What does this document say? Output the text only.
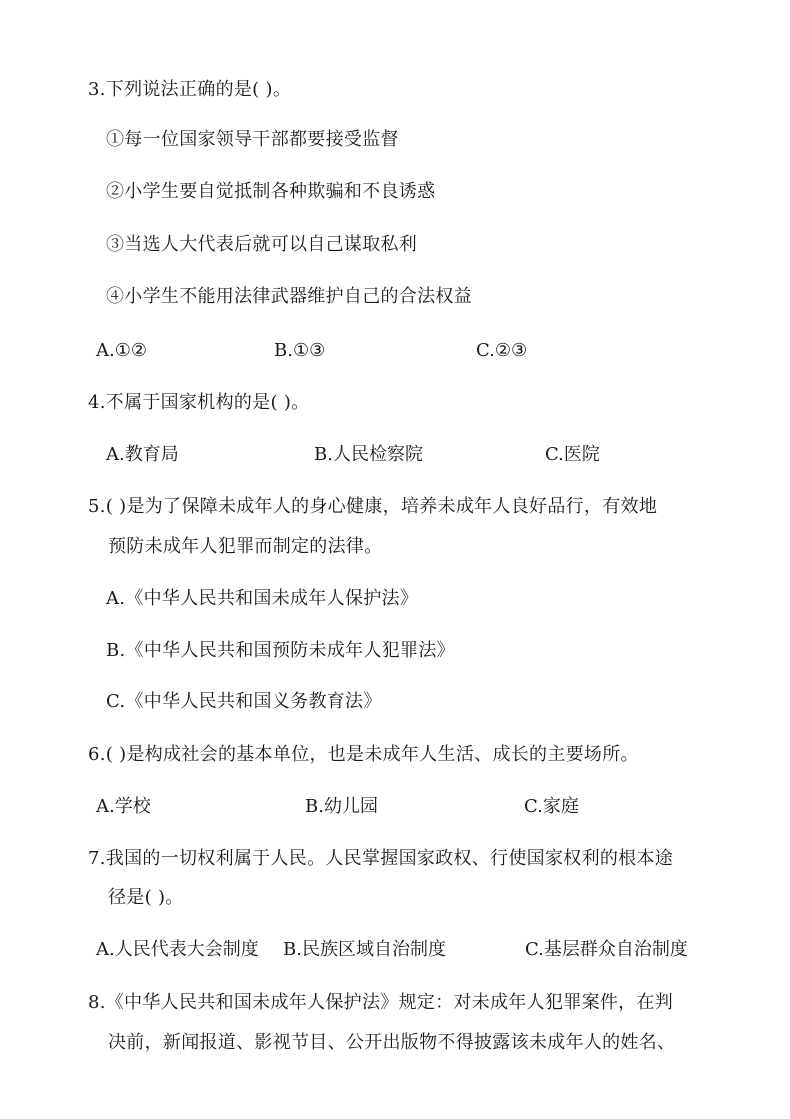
3.下列说法正确的是( )。
①每一位国家领导干部都要接受监督
②小学生要自觉抵制各种欺骗和不良诱惑
③当选人大代表后就可以自己谋取私利
④小学生不能用法律武器维护自己的合法权益
A.①②	B.①③	C.②③
4.不属于国家机构的是( )。
A.教育局	B.人民检察院	C.医院
5.( )是为了保障未成年人的身心健康，培养未成年人良好品行，有效地
预防未成年人犯罪而制定的法律。
A.《中华人民共和国未成年人保护法》
B.《中华人民共和国预防未成年人犯罪法》
C.《中华人民共和国义务教育法》
6.( )是构成社会的基本单位，也是未成年人生活、成长的主要场所。
A.学校	B.幼儿园	C.家庭
7.我国的一切权利属于人民。人民掌握国家政权、行使国家权利的根本途
径是( )。
A.人民代表大会制度 B.民族区域自治制度	C.基层群众自治制度
8.《中华人民共和国未成年人保护法》规定：对未成年人犯罪案件，在判
决前，新闻报道、影视节目、公开出版物不得披露该未成年人的姓名、
